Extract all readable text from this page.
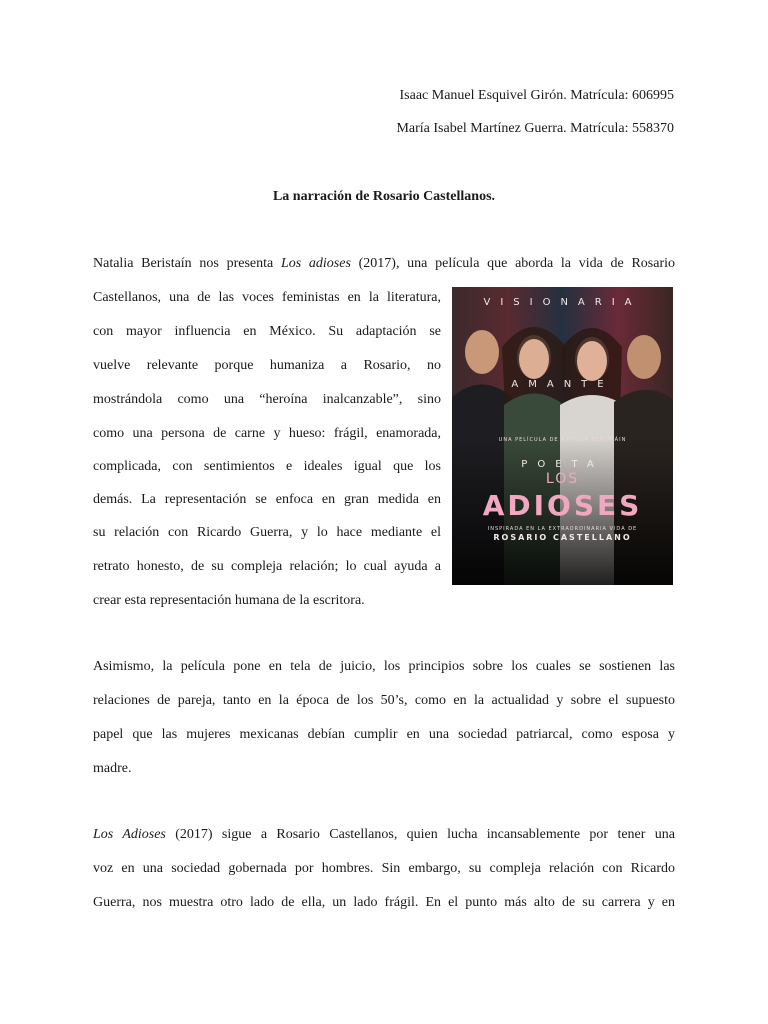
Isaac Manuel Esquivel Girón. Matrícula: 606995
María Isabel Martínez Guerra. Matrícula: 558370
La narración de Rosario Castellanos.
Natalia Beristaín nos presenta Los adioses (2017), una película que aborda la vida de Rosario
Castellanos, una de las voces feministas en la literatura,
con mayor influencia en México. Su adaptación se
vuelve relevante porque humaniza a Rosario, no
mostrándola como una “heroína inalcanzable”, sino
como una persona de carne y hueso: frágil, enamorada,
complicada, con sentimientos e ideales igual que los
demás. La representación se enfoca en gran medida en
su relación con Ricardo Guerra, y lo hace mediante el
retrato honesto, de su compleja relación; lo cual ayuda a
crear esta representación humana de la escritora.
VISIONARIA
AMANTE
UNA PELÍCULA DE NATALIA BERISTÁIN
POETA
LOS
ADIOSES
INSPIRADA EN LA EXTRAORDINARIA VIDA DE
ROSARIO CASTELLANO
Asimismo, la película pone en tela de juicio, los principios sobre los cuales se sostienen las
relaciones de pareja, tanto en la época de los 50’s, como en la actualidad y sobre el supuesto
papel que las mujeres mexicanas debían cumplir en una sociedad patriarcal, como esposa y
madre.
Los Adioses (2017) sigue a Rosario Castellanos, quien lucha incansablemente por tener una
voz en una sociedad gobernada por hombres. Sin embargo, su compleja relación con Ricardo
Guerra, nos muestra otro lado de ella, un lado frágil. En el punto más alto de su carrera y en
